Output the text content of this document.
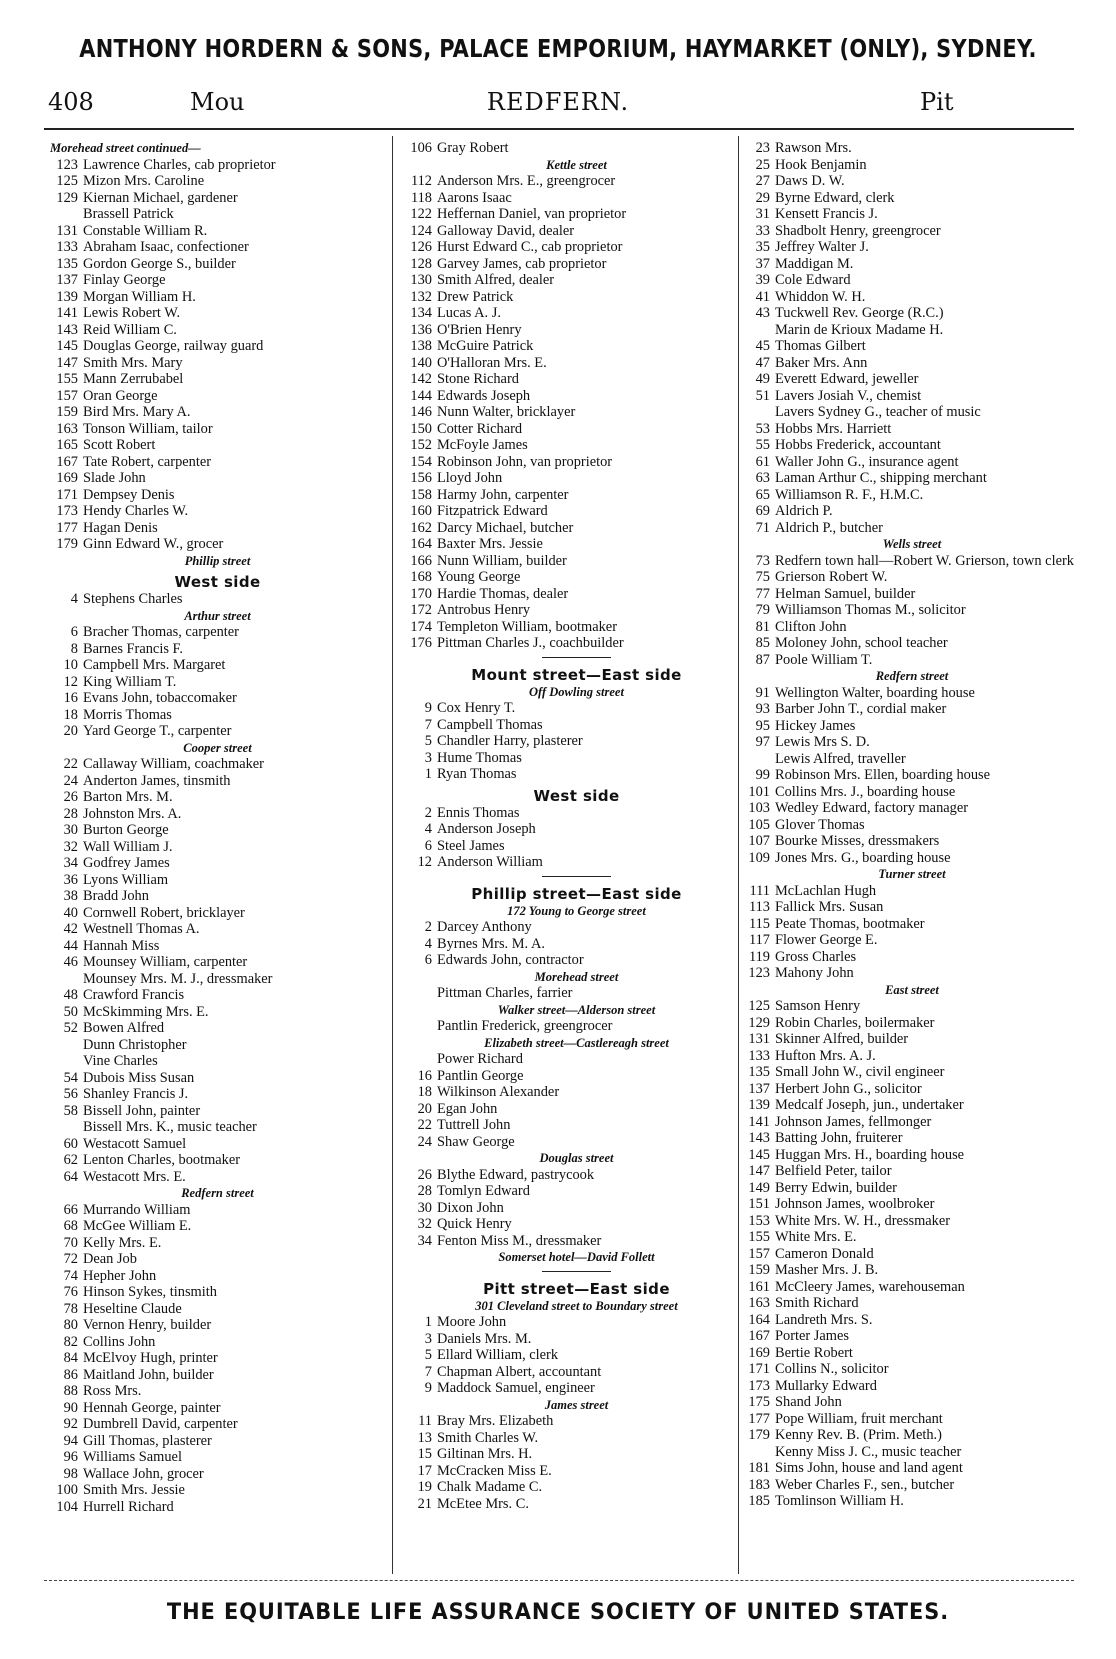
ANTHONY HORDERN & SONS, PALACE EMPORIUM, HAYMARKET (ONLY), SYDNEY.
408	Mou	REDFERN.	Pit
Morehead street continued—
123 Lawrence Charles, cab proprietor
125 Mizon Mrs. Caroline
129 Kiernan Michael, gardener
Brassell Patrick
131 Constable William R.
133 Abraham Isaac, confectioner
135 Gordon George S., builder
137 Finlay George
139 Morgan William H.
141 Lewis Robert W.
143 Reid William C.
145 Douglas George, railway guard
147 Smith Mrs. Mary
155 Mann Zerrubabel
157 Oran George
159 Bird Mrs. Mary A.
163 Tonson William, tailor
165 Scott Robert
167 Tate Robert, carpenter
169 Slade John
171 Dempsey Denis
173 Hendy Charles W.
177 Hagan Denis
179 Ginn Edward W., grocer
Phillip street
West side
4 Stephens Charles
Arthur street
6 Bracher Thomas, carpenter
8 Barnes Francis F.
10 Campbell Mrs. Margaret
12 King William T.
16 Evans John, tobaccomaker
18 Morris Thomas
20 Yard George T., carpenter
Cooper street
22 Callaway William, coachmaker
24 Anderton James, tinsmith
26 Barton Mrs. M.
28 Johnston Mrs. A.
30 Burton George
32 Wall William J.
34 Godfrey James
36 Lyons William
38 Bradd John
40 Cornwell Robert, bricklayer
42 Westnell Thomas A.
44 Hannah Miss
46 Mounsey William, carpenter
Mounsey Mrs. M. J., dressmaker
48 Crawford Francis
50 McSkimming Mrs. E.
52 Bowen Alfred
Dunn Christopher
Vine Charles
54 Dubois Miss Susan
56 Shanley Francis J.
58 Bissell John, painter
Bissell Mrs. K., music teacher
60 Westacott Samuel
62 Lenton Charles, bootmaker
64 Westacott Mrs. E.
Redfern street
66 Murrando William
68 McGee William E.
70 Kelly Mrs. E.
72 Dean Job
74 Hepher John
76 Hinson Sykes, tinsmith
78 Heseltine Claude
80 Vernon Henry, builder
82 Collins John
84 McElvoy Hugh, printer
86 Maitland John, builder
88 Ross Mrs.
90 Hennah George, painter
92 Dumbrell David, carpenter
94 Gill Thomas, plasterer
96 Williams Samuel
98 Wallace John, grocer
100 Smith Mrs. Jessie
104 Hurrell Richard
106 Gray Robert
Kettle street
112 Anderson Mrs. E., greengrocer
118 Aarons Isaac
122 Heffernan Daniel, van proprietor
124 Galloway David, dealer
126 Hurst Edward C., cab proprietor
128 Garvey James, cab proprietor
130 Smith Alfred, dealer
132 Drew Patrick
134 Lucas A. J.
136 O'Brien Henry
138 McGuire Patrick
140 O'Halloran Mrs. E.
142 Stone Richard
144 Edwards Joseph
146 Nunn Walter, bricklayer
150 Cotter Richard
152 McFoyle James
154 Robinson John, van proprietor
156 Lloyd John
158 Harmy John, carpenter
160 Fitzpatrick Edward
162 Darcy Michael, butcher
164 Baxter Mrs. Jessie
166 Nunn William, builder
168 Young George
170 Hardie Thomas, dealer
172 Antrobus Henry
174 Templeton William, bootmaker
176 Pittman Charles J., coachbuilder
Mount street—East side
Off Dowling street
9 Cox Henry T.
7 Campbell Thomas
5 Chandler Harry, plasterer
3 Hume Thomas
1 Ryan Thomas
West side
2 Ennis Thomas
4 Anderson Joseph
6 Steel James
12 Anderson William
Phillip street—East side
172 Young to George street
2 Darcey Anthony
4 Byrnes Mrs. M. A.
6 Edwards John, contractor
Morehead street
Pittman Charles, farrier
Walker street—Alderson street
Pantlin Frederick, greengrocer
Elizabeth street—Castlereagh street
Power Richard
16 Pantlin George
18 Wilkinson Alexander
20 Egan John
22 Tuttrell John
24 Shaw George
Douglas street
26 Blythe Edward, pastrycook
28 Tomlyn Edward
30 Dixon John
32 Quick Henry
34 Fenton Miss M., dressmaker
Somerset hotel—David Follett
Pitt street—East side
301 Cleveland street to Boundary street
1 Moore John
3 Daniels Mrs. M.
5 Ellard William, clerk
7 Chapman Albert, accountant
9 Maddock Samuel, engineer
James street
11 Bray Mrs. Elizabeth
13 Smith Charles W.
15 Giltinan Mrs. H.
17 McCracken Miss E.
19 Chalk Madame C.
21 McEtee Mrs. C.
23 Rawson Mrs.
25 Hook Benjamin
27 Daws D. W.
29 Byrne Edward, clerk
31 Kensett Francis J.
33 Shadbolt Henry, greengrocer
35 Jeffrey Walter J.
37 Maddigan M.
39 Cole Edward
41 Whiddon W. H.
43 Tuckwell Rev. George (R.C.)
Marin de Krioux Madame H.
45 Thomas Gilbert
47 Baker Mrs. Ann
49 Everett Edward, jeweller
51 Lavers Josiah V., chemist
Lavers Sydney G., teacher of music
53 Hobbs Mrs. Harriett
55 Hobbs Frederick, accountant
61 Waller John G., insurance agent
63 Laman Arthur C., shipping merchant
65 Williamson R. F., H.M.C.
69 Aldrich P.
71 Aldrich P., butcher
Wells street
73 Redfern town hall—Robert W. Grierson, town clerk
75 Grierson Robert W.
77 Helman Samuel, builder
79 Williamson Thomas M., solicitor
81 Clifton John
85 Moloney John, school teacher
87 Poole William T.
Redfern street
91 Wellington Walter, boarding house
93 Barber John T., cordial maker
95 Hickey James
97 Lewis Mrs S. D.
Lewis Alfred, traveller
99 Robinson Mrs. Ellen, boarding house
101 Collins Mrs. J., boarding house
103 Wedley Edward, factory manager
105 Glover Thomas
107 Bourke Misses, dressmakers
109 Jones Mrs. G., boarding house
Turner street
111 McLachlan Hugh
113 Fallick Mrs. Susan
115 Peate Thomas, bootmaker
117 Flower George E.
119 Gross Charles
123 Mahony John
East street
125 Samson Henry
129 Robin Charles, boilermaker
131 Skinner Alfred, builder
133 Hufton Mrs. A. J.
135 Small John W., civil engineer
137 Herbert John G., solicitor
139 Medcalf Joseph, jun., undertaker
141 Johnson James, fellmonger
143 Batting John, fruiterer
145 Huggan Mrs. H., boarding house
147 Belfield Peter, tailor
149 Berry Edwin, builder
151 Johnson James, woolbroker
153 White Mrs. W. H., dressmaker
155 White Mrs. E.
157 Cameron Donald
159 Masher Mrs. J. B.
161 McCleery James, warehouseman
163 Smith Richard
164 Landreth Mrs. S.
167 Porter James
169 Bertie Robert
171 Collins N., solicitor
173 Mullarky Edward
175 Shand John
177 Pope William, fruit merchant
179 Kenny Rev. B. (Prim. Meth.)
Kenny Miss J. C., music teacher
181 Sims John, house and land agent
183 Weber Charles F., sen., butcher
185 Tomlinson William H.
THE EQUITABLE LIFE ASSURANCE SOCIETY OF UNITED STATES.
